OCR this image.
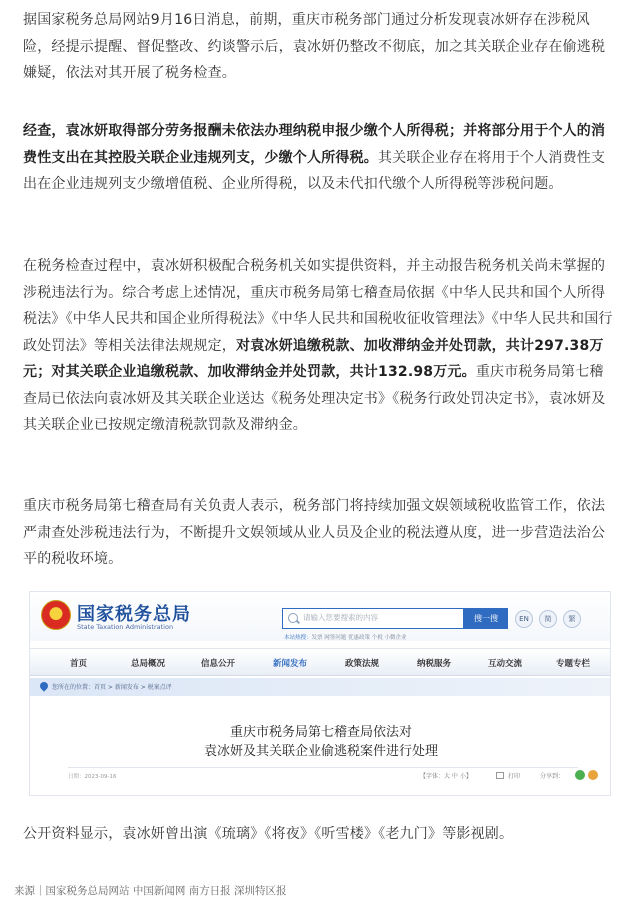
据国家税务总局网站9月16日消息，前期，重庆市税务部门通过分析发现袁冰妍存在涉税风险，经提示提醒、督促整改、约谈警示后，袁冰妍仍整改不彻底，加之其关联企业存在偷逃税嫌疑，依法对其开展了税务检查。

经查，袁冰妍取得部分劳务报酬未依法办理纳税申报少缴个人所得税；并将部分用于个人的消费性支出在其控股关联企业违规列支，少缴个人所得税。其关联企业存在将用于个人消费性支出在企业违规列支少缴增值税、企业所得税，以及未代扣代缴个人所得税等涉税问题。

在税务检查过程中，袁冰妍积极配合税务机关如实提供资料，并主动报告税务机关尚未掌握的涉税违法行为。综合考虑上述情况，重庆市税务局第七稽查局依据《中华人民共和国个人所得税法》《中华人民共和国企业所得税法》《中华人民共和国税收征收管理法》《中华人民共和国行政处罚法》等相关法律法规规定，对袁冰妍追缴税款、加收滞纳金并处罚款，共计297.38万元；对其关联企业追缴税款、加收滞纳金并处罚款，共计132.98万元。重庆市税务局第七稽查局已依法向袁冰妍及其关联企业送达《税务处理决定书》《税务行政处罚决定书》，袁冰妍及其关联企业已按规定缴清税款罚款及滞纳金。

重庆市税务局第七稽查局有关负责人表示，税务部门将持续加强文娱领域税收监管工作，依法严肃查处涉税违法行为，不断提升文娱领域从业人员及企业的税法遵从度，进一步营造法治公平的税收环境。

国家税务总局
State Taxation Administration
请输入您要搜索的内容	搜一搜
本站热搜：发票 网签问题 优惠政策 个税 小微企业
EN	简	繁
首页	总局概况	信息公开	新闻发布	政策法规	纳税服务	互动交流	专题专栏
您所在的位置：首页 > 新闻发布 > 税案点评
重庆市税务局第七稽查局依法对
袁冰妍及其关联企业偷逃税案件进行处理
日期：2023-09-16	【字体：大 中 小】	打印	分享到：

公开资料显示，袁冰妍曾出演《琉璃》《将夜》《听雪楼》《老九门》等影视剧。

来源｜国家税务总局网站 中国新闻网 南方日报 深圳特区报
